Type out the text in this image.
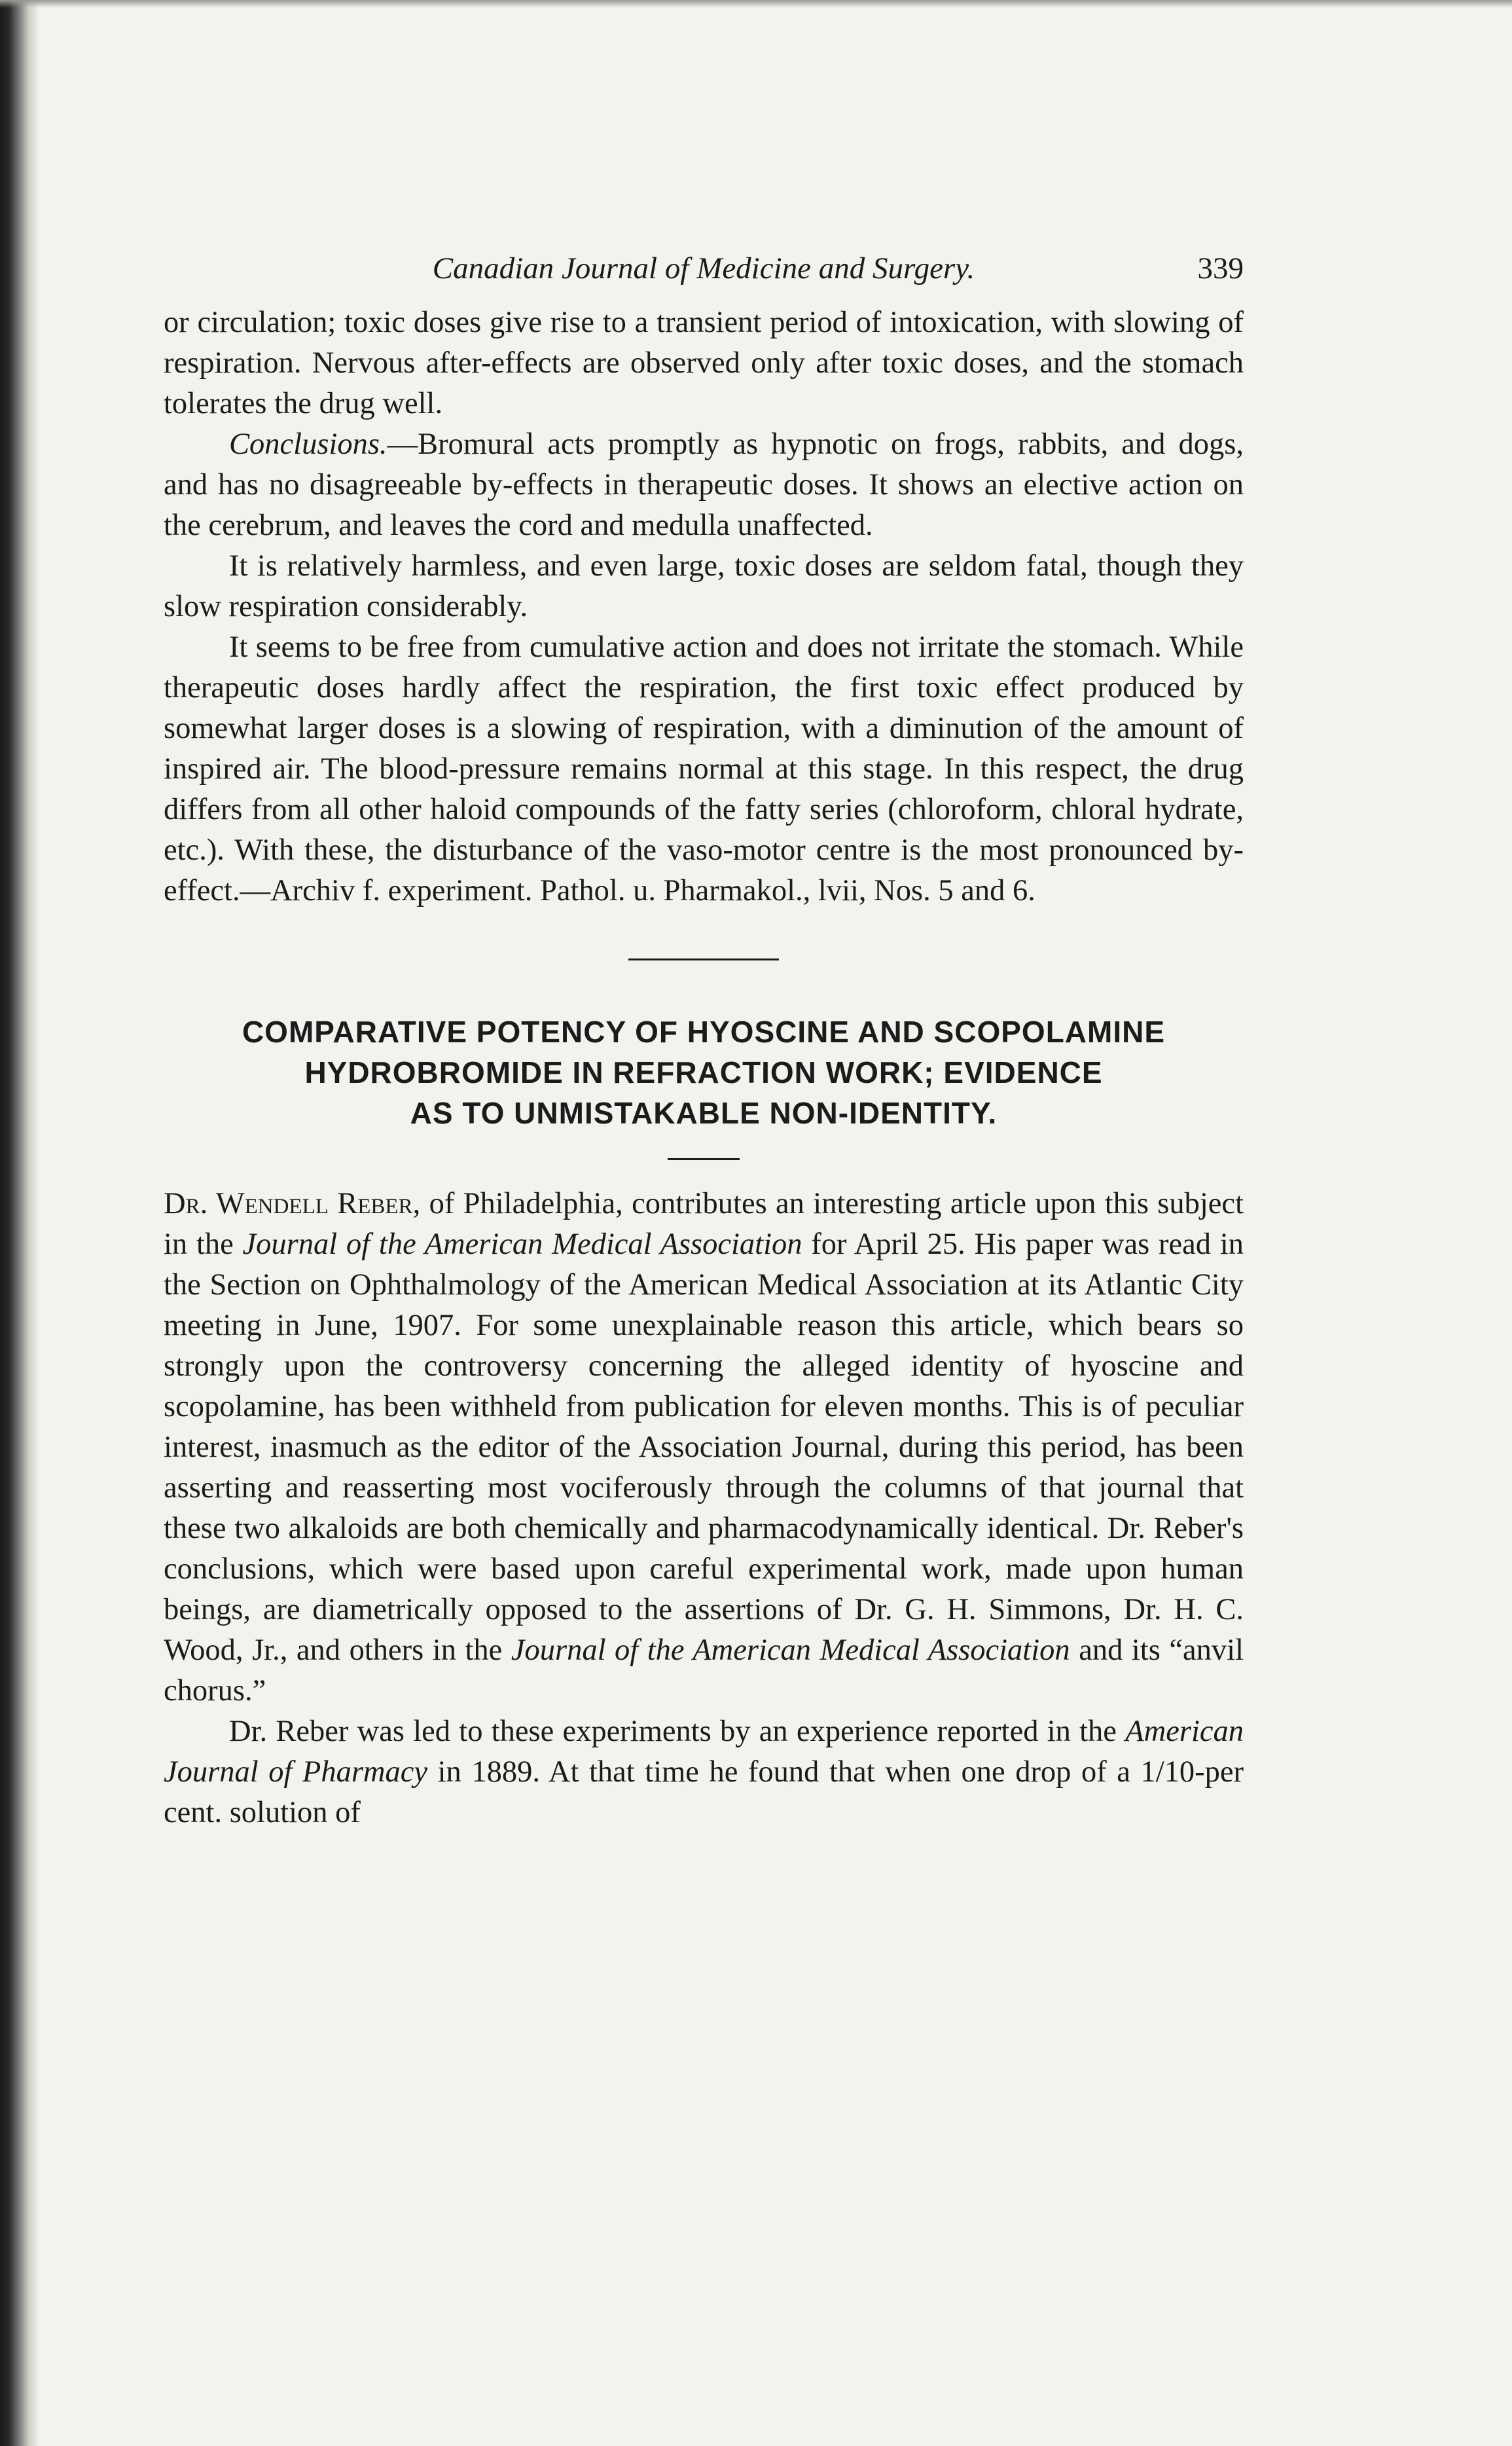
Canadian Journal of Medicine and Surgery.	339

or circulation; toxic doses give rise to a transient period of intoxication, with slowing of respiration. Nervous after-effects are observed only after toxic doses, and the stomach tolerates the drug well.

Conclusions.—Bromural acts promptly as hypnotic on frogs, rabbits, and dogs, and has no disagreeable by-effects in therapeutic doses. It shows an elective action on the cerebrum, and leaves the cord and medulla unaffected.

It is relatively harmless, and even large, toxic doses are seldom fatal, though they slow respiration considerably.

It seems to be free from cumulative action and does not irritate the stomach. While therapeutic doses hardly affect the respiration, the first toxic effect produced by somewhat larger doses is a slowing of respiration, with a diminution of the amount of inspired air. The blood-pressure remains normal at this stage. In this respect, the drug differs from all other haloid compounds of the fatty series (chloroform, chloral hydrate, etc.). With these, the disturbance of the vaso-motor centre is the most pronounced by-effect.—Archiv f. experiment. Pathol. u. Pharmakol., lvii, Nos. 5 and 6.

COMPARATIVE POTENCY OF HYOSCINE AND SCOPOLAMINE
HYDROBROMIDE IN REFRACTION WORK; EVIDENCE
AS TO UNMISTAKABLE NON-IDENTITY.

Dr. Wendell Reber, of Philadelphia, contributes an interesting article upon this subject in the Journal of the American Medical Association for April 25. His paper was read in the Section on Ophthalmology of the American Medical Association at its Atlantic City meeting in June, 1907. For some unexplainable reason this article, which bears so strongly upon the controversy concerning the alleged identity of hyoscine and scopolamine, has been withheld from publication for eleven months. This is of peculiar interest, inasmuch as the editor of the Association Journal, during this period, has been asserting and reasserting most vociferously through the columns of that journal that these two alkaloids are both chemically and pharmacodynamically identical. Dr. Reber's conclusions, which were based upon careful experimental work, made upon human beings, are diametrically opposed to the assertions of Dr. G. H. Simmons, Dr. H. C. Wood, Jr., and others in the Journal of the American Medical Association and its “anvil chorus.”

Dr. Reber was led to these experiments by an experience reported in the American Journal of Pharmacy in 1889. At that time he found that when one drop of a 1/10-per cent. solution of
